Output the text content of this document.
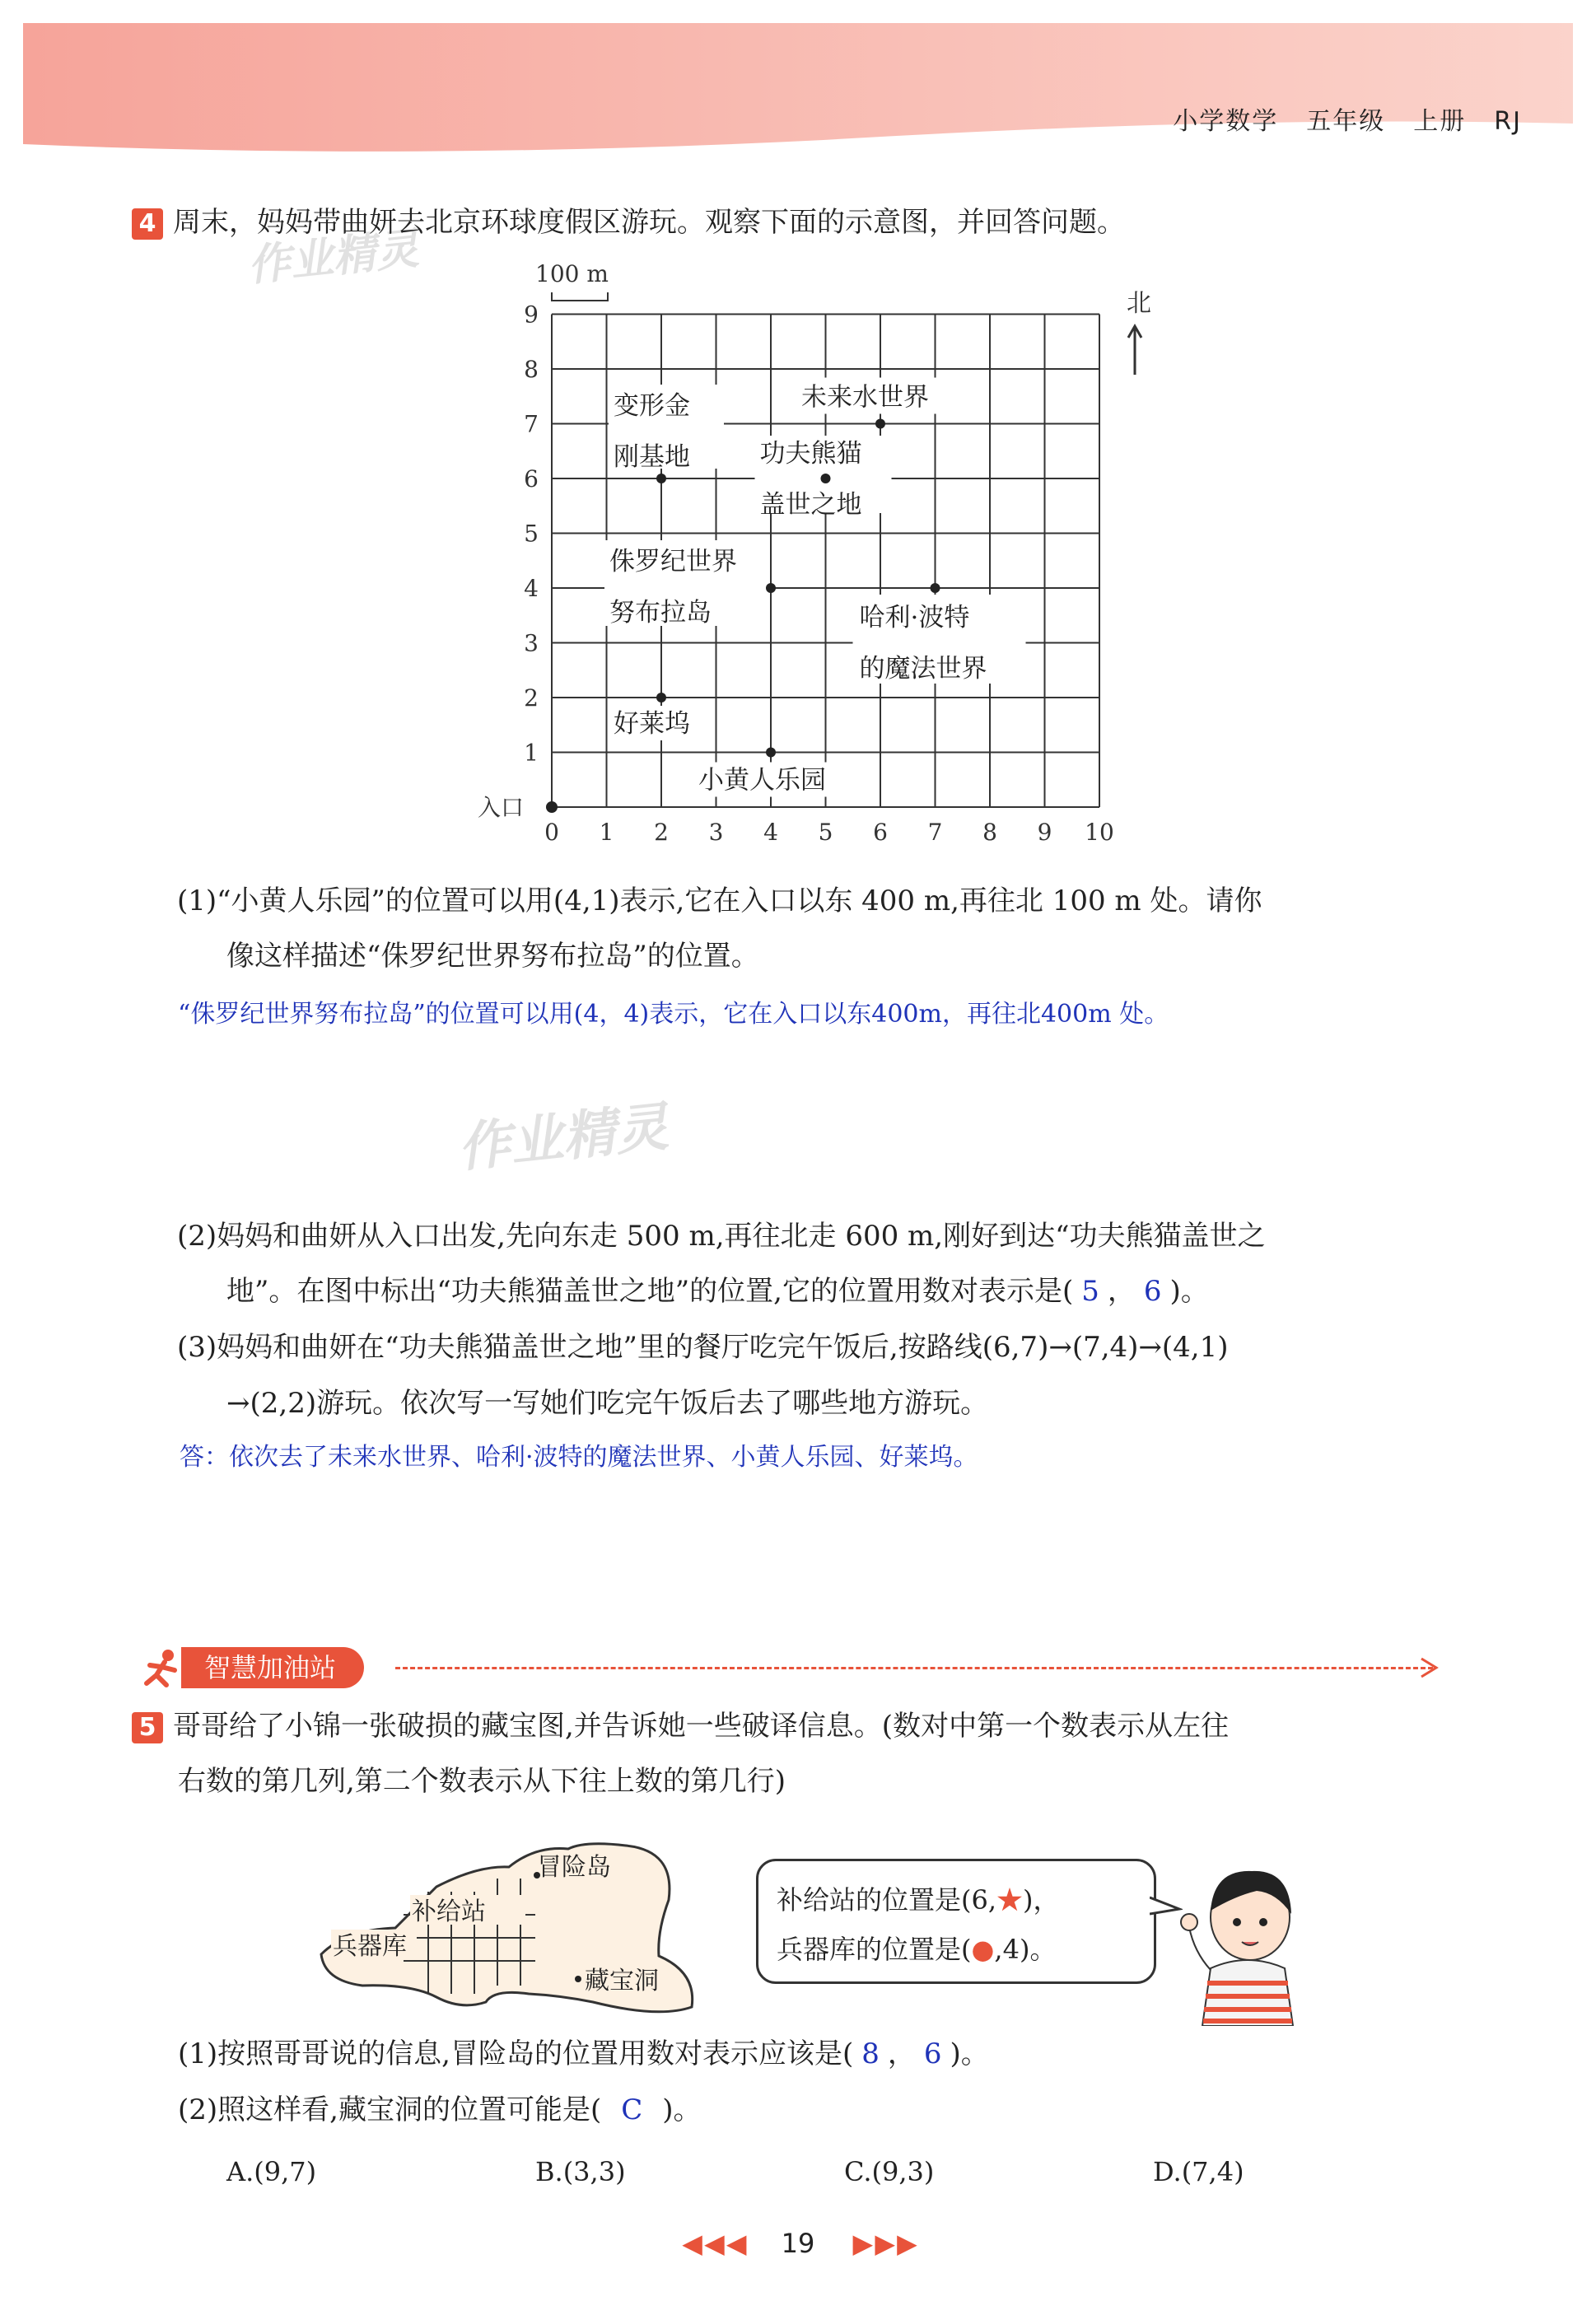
小学数学 五年级 上册 RJ
作业精灵
作业精灵
4 周末，妈妈带曲妍去北京环球度假区游玩。观察下面的示意图，并回答问题。
100 m
北
0 1 2 3 4 5 6 7 8 9 10
1
2
3
4
5
6
7
8
9
变形金
刚基地
未来水世界
功夫熊猫
盖世之地
侏罗纪世界
努布拉岛	哈利·波特
的魔法世界
好莱坞
小黄人乐园
入口
(1)“小黄人乐园”的位置可以用(4,1)表示,它在入口以东 400 m,再往北 100 m 处。请你
像这样描述“侏罗纪世界努布拉岛”的位置。
“侏罗纪世界努布拉岛”的位置可以用(4，4)表示，它在入口以东400m，再往北400m 处。
(2)妈妈和曲妍从入口出发,先向东走 500 m,再往北走 600 m,刚好到达“功夫熊猫盖世之
地”。在图中标出“功夫熊猫盖世之地”的位置,它的位置用数对表示是( 5 ， 6 )。
(3)妈妈和曲妍在“功夫熊猫盖世之地”里的餐厅吃完午饭后,按路线(6,7)→(7,4)→(4,1)
→(2,2)游玩。依次写一写她们吃完午饭后去了哪些地方游玩。
答：依次去了未来水世界、哈利·波特的魔法世界、小黄人乐园、好莱坞。
智慧加油站
5 哥哥给了小锦一张破损的藏宝图,并告诉她一些破译信息。(数对中第一个数表示从左往
右数的第几列,第二个数表示从下往上数的第几行)
补给站
冒险岛
兵器库
藏宝洞
补给站的位置是(6,★)，
兵器库的位置是(●,4)。
(1)按照哥哥说的信息,冒险岛的位置用数对表示应该是( 8 ， 6 )。
(2)照这样看,藏宝洞的位置可能是( C )。
A.(9,7)	B.(3,3)	C.(9,3)	D.(7,4)
◀ ◀ ◀ 19 ▶ ▶ ▶
